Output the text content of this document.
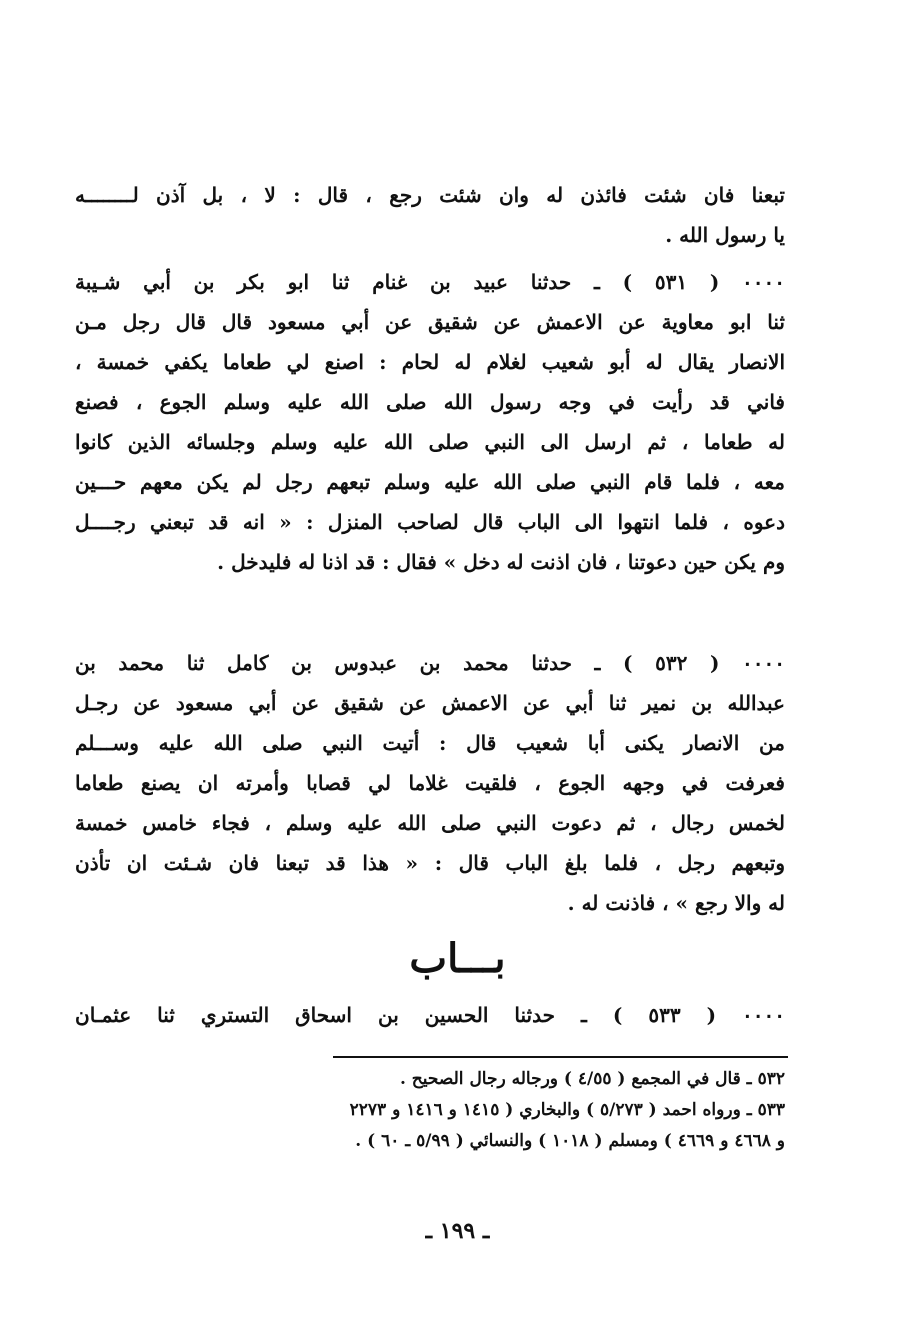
تبعنا فان شئت فائذن له وان شئت رجع ، قال : لا ، بل آذن لــــــــه
يا رسول الله .
۰۰۰۰ ( ٥٣١ ) ـ حدثنا عبيد بن غنام ثنا ابو بكر بن أبي شـيبة
ثنا ابو معاوية عن الاعمش عن شقيق عن أبي مسعود قال قال رجل مـن
الانصار يقال له أبو شعيب لغلام له لحام : اصنع لي طعاما يكفي خمسة ،
فاني قد رأيت في وجه رسول الله صلى الله عليه وسلم الجوع ، فصنع
له طعاما ، ثم ارسل الى النبي صلى الله عليه وسلم وجلسائه الذين كانوا
معه ، فلما قام النبي صلى الله عليه وسلم تبعهم رجل لم يكن معهم حـــين
دعوه ، فلما انتهوا الى الباب قال لصاحب المنزل : « انه قد تبعني رجــــل
وم يكن حين دعوتنا ، فان اذنت له دخل » فقال : قد اذنا له فليدخل .
۰۰۰۰ ( ٥٣٢ ) ـ حدثنا محمد بن عبدوس بن كامل ثنا محمد بن
عبدالله بن نمير ثنا أبي عن الاعمش عن شقيق عن أبي مسعود عن رجـل
من الانصار يكنى أبا شعيب قال : أتيت النبي صلى الله عليه وســـلم
فعرفت في وجهه الجوع ، فلقيت غلاما لي قصابا وأمرته ان يصنع طعاما
لخمس رجال ، ثم دعوت النبي صلى الله عليه وسلم ، فجاء خامس خمسة
وتبعهم رجل ، فلما بلغ الباب قال : « هذا قد تبعنا فان شـئت ان تأذن
له والا رجع » ، فاذنت له .
بـــاب
۰۰۰۰ ( ٥٣٣ ) ـ حدثنا الحسين بن اسحاق التستري ثنا عثمـان
٥٣٢ ـ قال في المجمع ( ٤/٥٥ ) ورجاله رجال الصحيح .
٥٣٣ ـ ورواه احمد ( ٥/٢٧٣ ) والبخاري ( ١٤١٥ و ١٤١٦ و ٢٢٧٣
و ٤٦٦٨ و ٤٦٦٩ ) ومسلم ( ١٠١٨ ) والنسائي ( ٥/٩٩ ـ ٦٠ ) .
ـ ١٩٩ ـ
